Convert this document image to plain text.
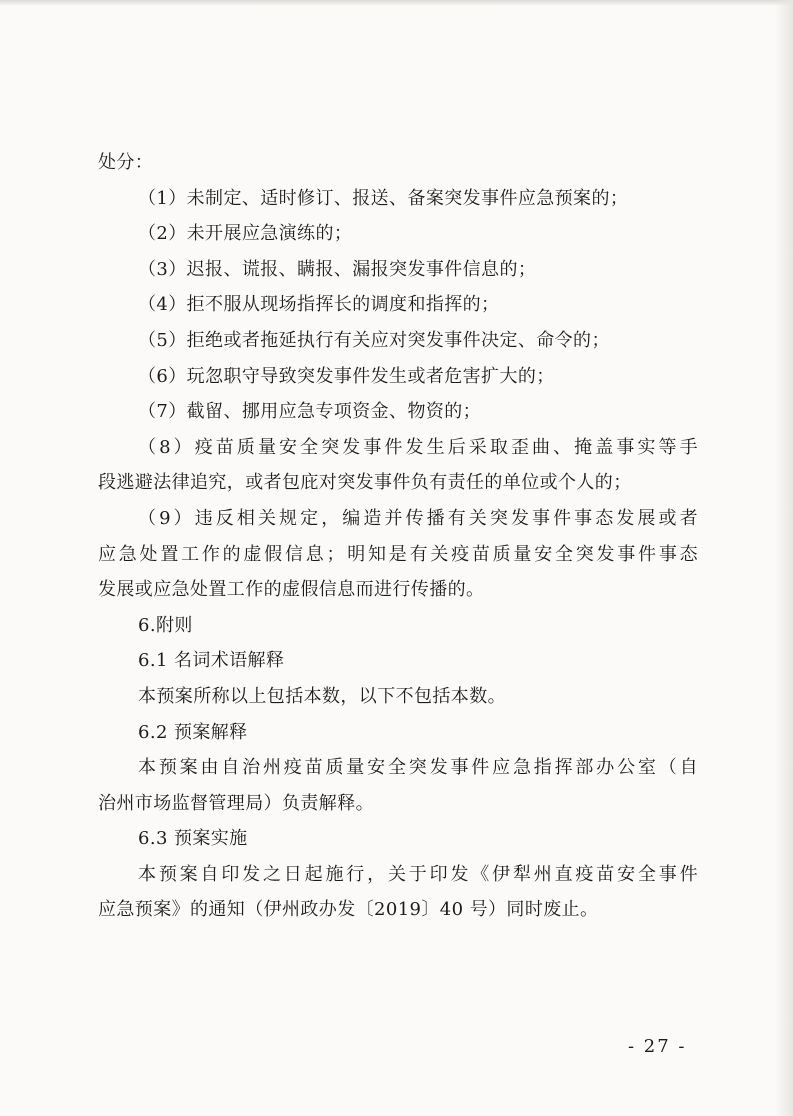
处分：
（1）未制定、适时修订、报送、备案突发事件应急预案的；
（2）未开展应急演练的；
（3）迟报、谎报、瞒报、漏报突发事件信息的；
（4）拒不服从现场指挥长的调度和指挥的；
（5）拒绝或者拖延执行有关应对突发事件决定、命令的；
（6）玩忽职守导致突发事件发生或者危害扩大的；
（7）截留、挪用应急专项资金、物资的；
（8）疫苗质量安全突发事件发生后采取歪曲、掩盖事实等手
段逃避法律追究，或者包庇对突发事件负有责任的单位或个人的；
（9）违反相关规定，编造并传播有关突发事件事态发展或者
应急处置工作的虚假信息；明知是有关疫苗质量安全突发事件事态
发展或应急处置工作的虚假信息而进行传播的。
6.附则
6.1 名词术语解释
本预案所称以上包括本数，以下不包括本数。
6.2 预案解释
本预案由自治州疫苗质量安全突发事件应急指挥部办公室（自
治州市场监督管理局）负责解释。
6.3 预案实施
本预案自印发之日起施行，关于印发《伊犁州直疫苗安全事件
应急预案》的通知（伊州政办发〔2019〕40 号）同时废止。
- 27 -
